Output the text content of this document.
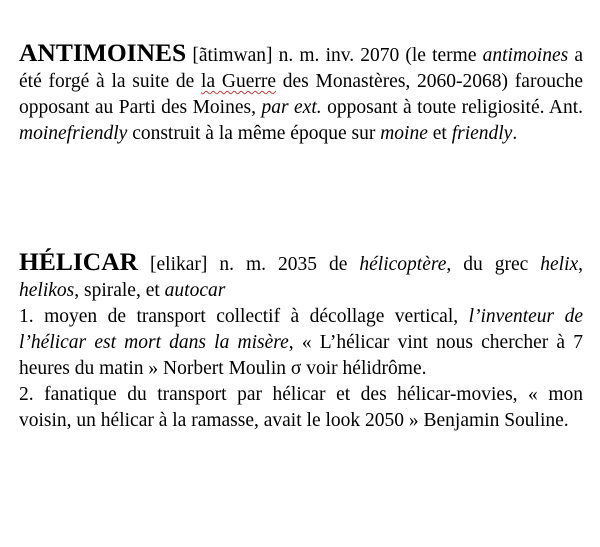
ANTIMOINES [ãtimwan] n. m. inv. 2070 (le terme antimoines a été forgé à la suite de la Guerre des Monastères, 2060-2068) farouche opposant au Parti des Moines, par ext. opposant à toute religiosité. Ant. moinefriendly construit à la même époque sur moine et friendly.

HÉLICAR [elikar] n. m. 2035 de hélicoptère, du grec helix, helikos, spirale, et autocar
1. moyen de transport collectif à décollage vertical, l’inventeur de l’hélicar est mort dans la misère, « L’hélicar vint nous chercher à 7 heures du matin » Norbert Moulin σ voir hélidrôme.
2. fanatique du transport par hélicar et des hélicar-movies, « mon voisin, un hélicar à la ramasse, avait le look 2050 » Benjamin Souline.
